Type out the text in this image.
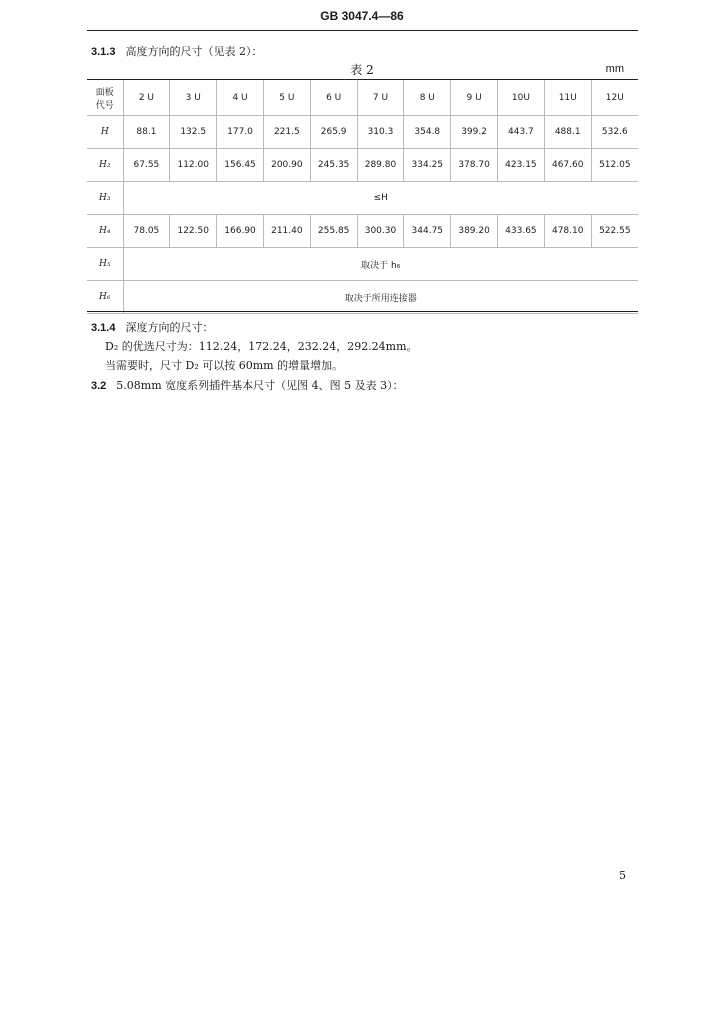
GB 3047.4—86
3.1.3 高度方向的尺寸（见表 2）：
表 2	mm
面板
代号	2 U	3 U	4 U	5 U	6 U	7 U	8 U	9 U	10U	11U	12U
H	88.1	132.5	177.0	221.5	265.9	310.3	354.8	399.2	443.7	488.1	532.6
H₂	67.55	112.00	156.45	200.90	245.35	289.80	334.25	378.70	423.15	467.60	512.05
H₃	≤H										
H₄	78.05	122.50	166.90	211.40	255.85	300.30	344.75	389.20	433.65	478.10	522.55
H₅	取决于 h₆										
H₆	取决于所用连接器										
3.1.4 深度方向的尺寸：
D₂ 的优选尺寸为：112.24，172.24，232.24，292.24mm。
当需要时，尺寸 D₂ 可以按 60mm 的增量增加。
3.2 5.08mm 宽度系列插件基本尺寸（见图 4、图 5 及表 3）：
5
